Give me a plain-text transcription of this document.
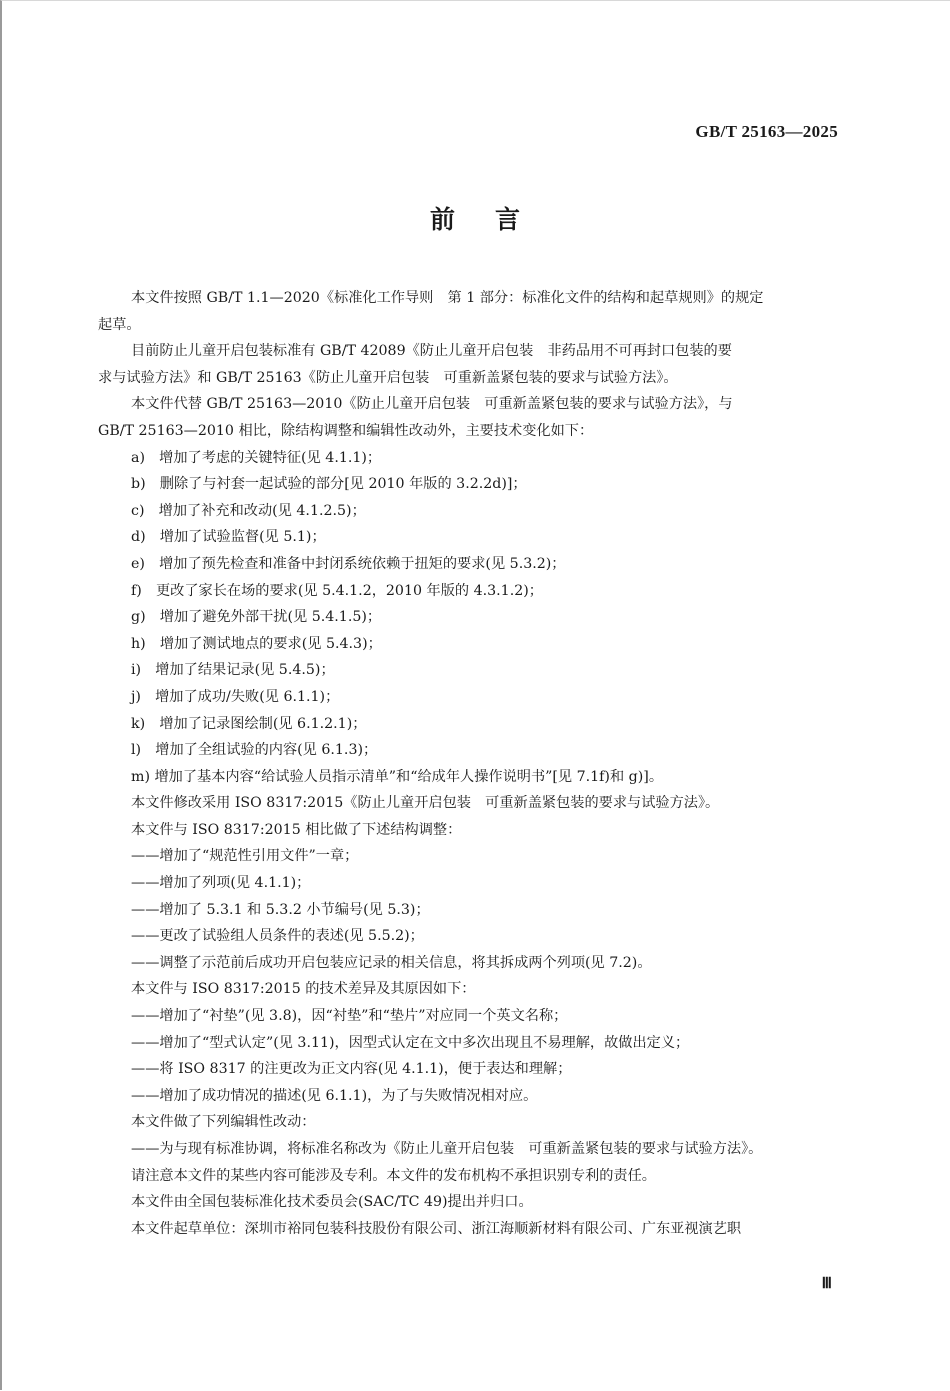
GB/T 25163—2025
前言

本文件按照 GB/T 1.1—2020《标准化工作导则　第 1 部分：标准化文件的结构和起草规则》的规定

起草。

目前防止儿童开启包装标准有 GB/T 42089《防止儿童开启包装　非药品用不可再封口包装的要

求与试验方法》和 GB/T 25163《防止儿童开启包装　可重新盖紧包装的要求与试验方法》。

本文件代替 GB/T 25163—2010《防止儿童开启包装　可重新盖紧包装的要求与试验方法》，与

GB/T 25163—2010 相比，除结构调整和编辑性改动外，主要技术变化如下：

a)　增加了考虑的关键特征(见 4.1.1)；

b)　删除了与衬套一起试验的部分[见 2010 年版的 3.2.2d)]；

c)　增加了补充和改动(见 4.1.2.5)；

d)　增加了试验监督(见 5.1)；

e)　增加了预先检查和准备中封闭系统依赖于扭矩的要求(见 5.3.2)；

f)　更改了家长在场的要求(见 5.4.1.2，2010 年版的 4.3.1.2)；

g)　增加了避免外部干扰(见 5.4.1.5)；

h)　增加了测试地点的要求(见 5.4.3)；

i)　增加了结果记录(见 5.4.5)；

j)　增加了成功/失败(见 6.1.1)；

k)　增加了记录图绘制(见 6.1.2.1)；

l)　增加了全组试验的内容(见 6.1.3)；

m) 增加了基本内容“给试验人员指示清单”和“给成年人操作说明书”[见 7.1f)和 g)]。

本文件修改采用 ISO 8317:2015《防止儿童开启包装　可重新盖紧包装的要求与试验方法》。

本文件与 ISO 8317:2015 相比做了下述结构调整：

——增加了“规范性引用文件”一章；

——增加了列项(见 4.1.1)；

——增加了 5.3.1 和 5.3.2 小节编号(见 5.3)；

——更改了试验组人员条件的表述(见 5.5.2)；

——调整了示范前后成功开启包装应记录的相关信息，将其拆成两个列项(见 7.2)。

本文件与 ISO 8317:2015 的技术差异及其原因如下：

——增加了“衬垫”(见 3.8)，因“衬垫”和“垫片”对应同一个英文名称；

——增加了“型式认定”(见 3.11)，因型式认定在文中多次出现且不易理解，故做出定义；

——将 ISO 8317 的注更改为正文内容(见 4.1.1)，便于表达和理解；

——增加了成功情况的描述(见 6.1.1)，为了与失败情况相对应。

本文件做了下列编辑性改动：

——为与现有标准协调，将标准名称改为《防止儿童开启包装　可重新盖紧包装的要求与试验方法》。

请注意本文件的某些内容可能涉及专利。本文件的发布机构不承担识别专利的责任。

本文件由全国包装标准化技术委员会(SAC/TC 49)提出并归口。

本文件起草单位：深圳市裕同包装科技股份有限公司、浙江海顺新材料有限公司、广东亚视演艺职

Ⅲ
